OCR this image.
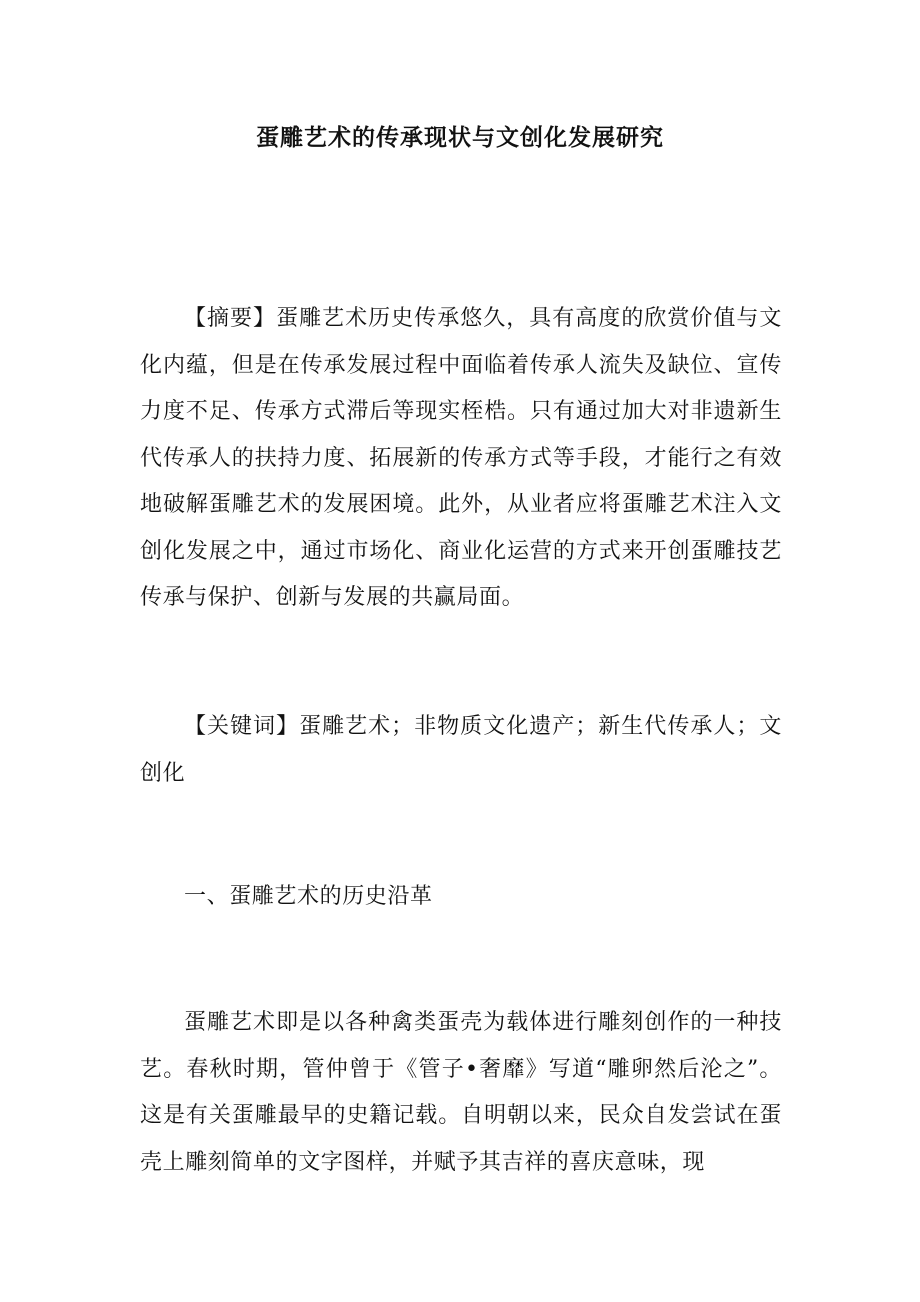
蛋雕艺术的传承现状与文创化发展研究

【摘要】蛋雕艺术历史传承悠久，具有高度的欣赏价值与文化内蕴，但是在传承发展过程中面临着传承人流失及缺位、宣传力度不足、传承方式滞后等现实桎梏。只有通过加大对非遗新生代传承人的扶持力度、拓展新的传承方式等手段，才能行之有效地破解蛋雕艺术的发展困境。此外，从业者应将蛋雕艺术注入文创化发展之中，通过市场化、商业化运营的方式来开创蛋雕技艺传承与保护、创新与发展的共赢局面。

【关键词】蛋雕艺术；非物质文化遗产；新生代传承人；文创化

一、蛋雕艺术的历史沿革

蛋雕艺术即是以各种禽类蛋壳为载体进行雕刻创作的一种技艺。春秋时期，管仲曾于《管子•奢靡》写道“雕卵然后沦之”。这是有关蛋雕最早的史籍记载。自明朝以来，民众自发尝试在蛋壳上雕刻简单的文字图样，并赋予其吉祥的喜庆意味，现
